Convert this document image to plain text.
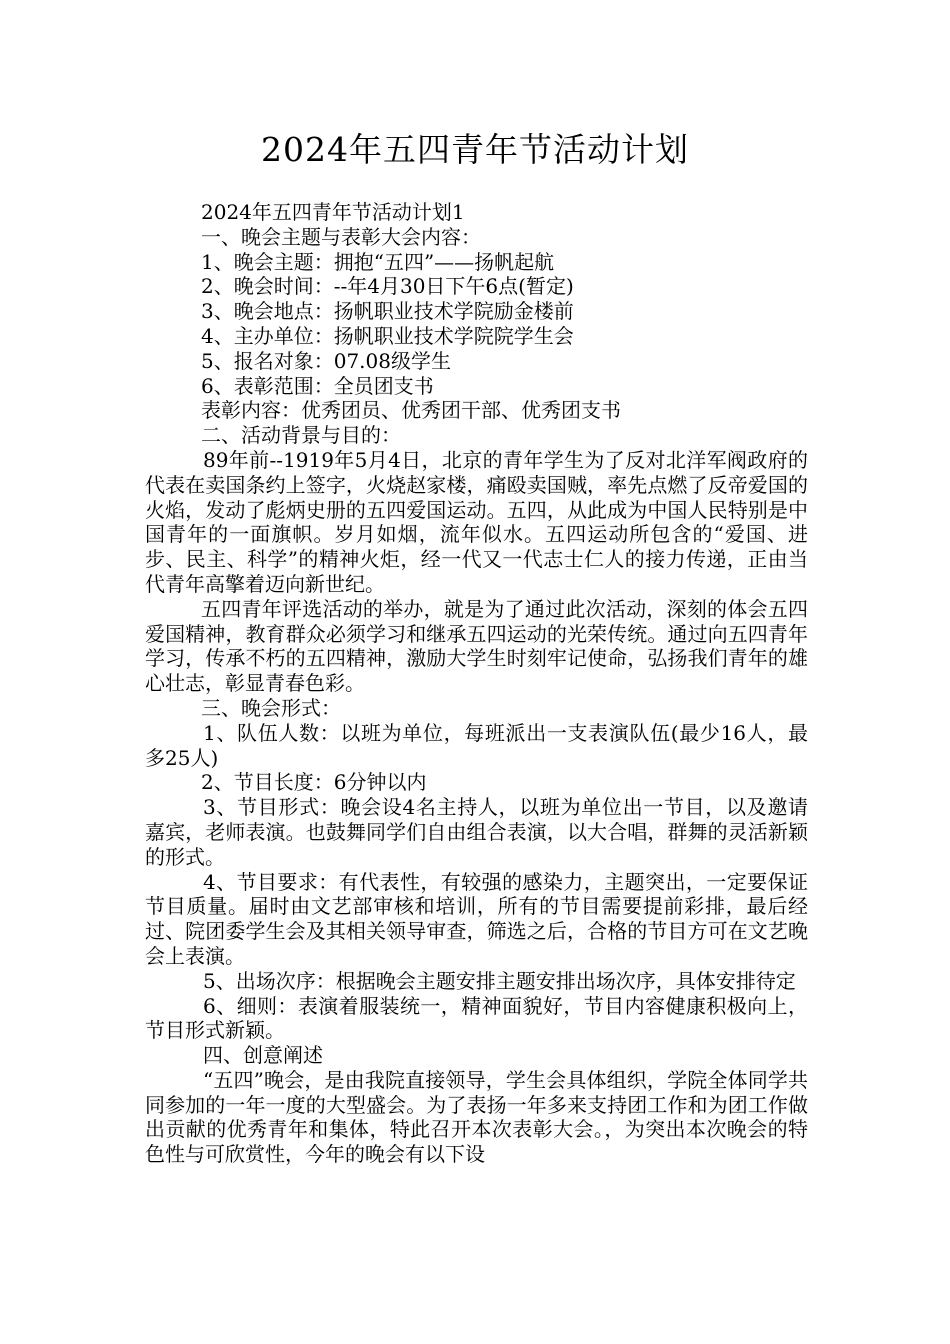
2024年五四青年节活动计划

2024年五四青年节活动计划1

一、晚会主题与表彰大会内容：

1、晚会主题：拥抱“五四”——扬帆起航

2、晚会时间：--年4月30日下午6点(暂定)

3、晚会地点：扬帆职业技术学院励金楼前

4、主办单位：扬帆职业技术学院院学生会

5、报名对象：07.08级学生

6、表彰范围：全员团支书

表彰内容：优秀团员、优秀团干部、优秀团支书

二、活动背景与目的：

89年前--1919年5月4日，北京的青年学生为了反对北洋军阀政府的代表在卖国条约上签字，火烧赵家楼，痛殴卖国贼，率先点燃了反帝爱国的火焰，发动了彪炳史册的五四爱国运动。五四，从此成为中国人民特别是中国青年的一面旗帜。岁月如烟，流年似水。五四运动所包含的“爱国、进步、民主、科学”的精神火炬，经一代又一代志士仁人的接力传递，正由当代青年高擎着迈向新世纪。

五四青年评选活动的举办，就是为了通过此次活动，深刻的体会五四爱国精神，教育群众必须学习和继承五四运动的光荣传统。通过向五四青年学习，传承不朽的五四精神，激励大学生时刻牢记使命，弘扬我们青年的雄心壮志，彰显青春色彩。

三、晚会形式：

1、队伍人数：以班为单位，每班派出一支表演队伍(最少16人，最多25人)

2、节目长度：6分钟以内

3、节目形式：晚会设4名主持人，以班为单位出一节目，以及邀请嘉宾，老师表演。也鼓舞同学们自由组合表演，以大合唱，群舞的灵活新颖的形式。

4、节目要求：有代表性，有较强的感染力，主题突出，一定要保证节目质量。届时由文艺部审核和培训，所有的节目需要提前彩排，最后经过、院团委学生会及其相关领导审查，筛选之后，合格的节目方可在文艺晚会上表演。

5、出场次序：根据晚会主题安排主题安排出场次序，具体安排待定

6、细则：表演着服装统一，精神面貌好，节目内容健康积极向上，节目形式新颖。

四、创意阐述

“五四”晚会，是由我院直接领导，学生会具体组织，学院全体同学共同参加的一年一度的大型盛会。为了表扬一年多来支持团工作和为团工作做出贡献的优秀青年和集体，特此召开本次表彰大会。，为突出本次晚会的特色性与可欣赏性，今年的晚会有以下设
